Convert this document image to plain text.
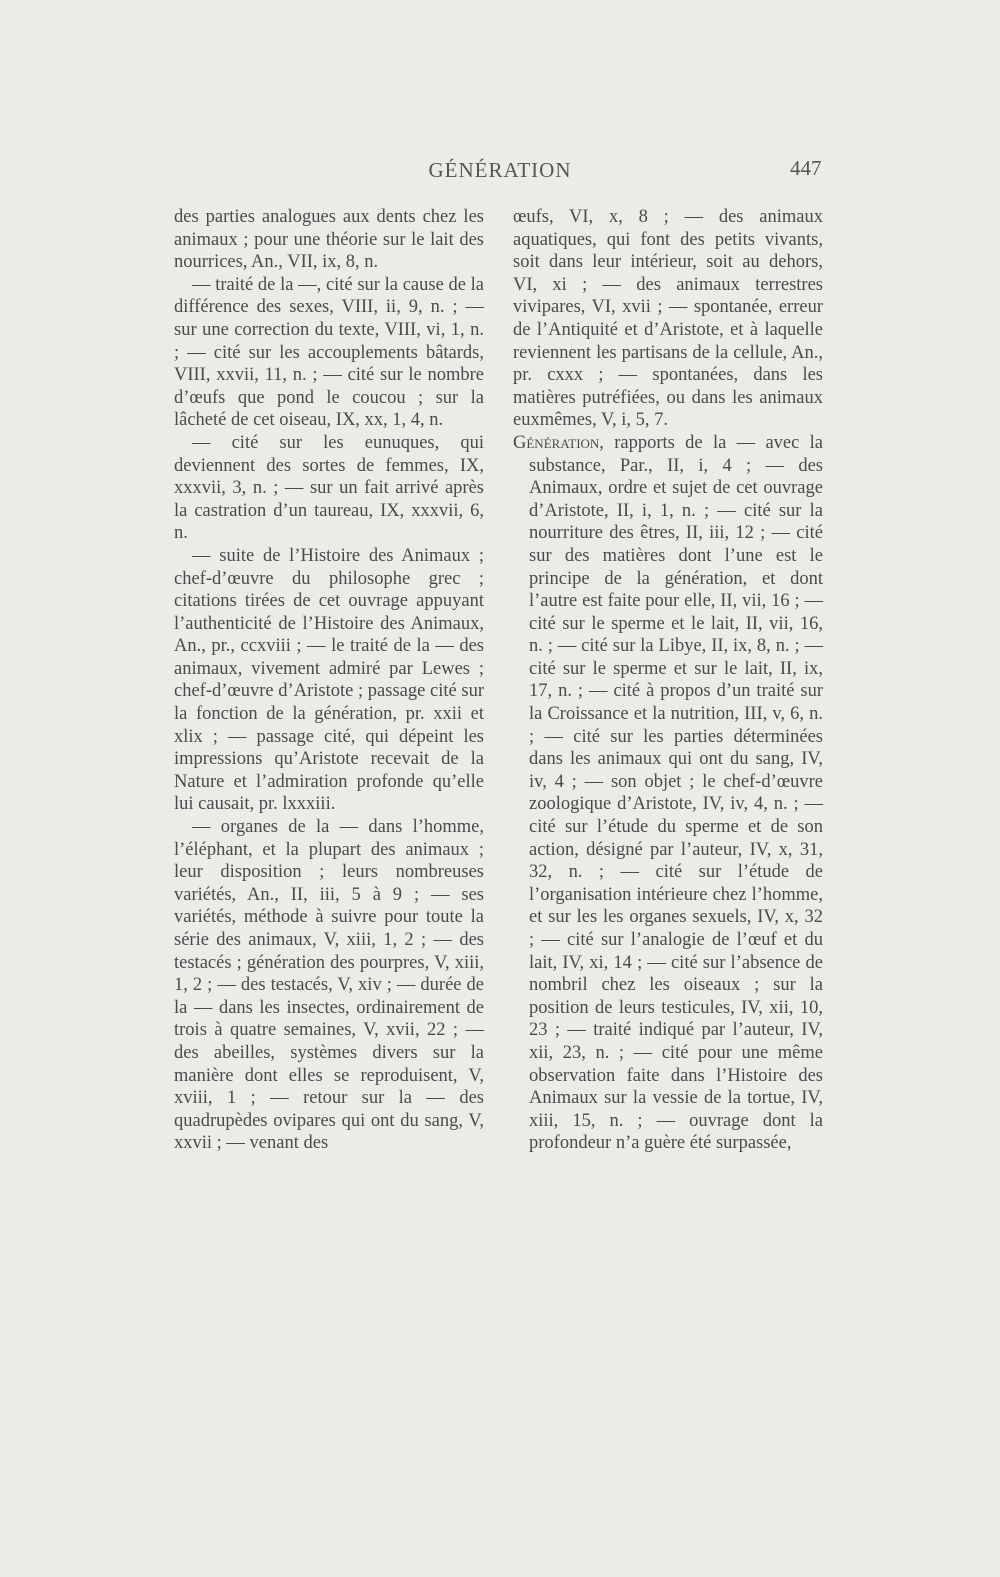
GÉNÉRATION	447

des parties analogues aux dents chez les animaux ; pour une théorie sur le lait des nourrices, An., VII, ix, 8, n.

— traité de la —, cité sur la cause de la différence des sexes, VIII, ii, 9, n. ; — sur une correction du texte, VIII, vi, 1, n. ; — cité sur les accouplements bâtards, VIII, xxvii, 11, n. ; — cité sur le nombre d’œufs que pond le coucou ; sur la lâcheté de cet oiseau, IX, xx, 1, 4, n.

— cité sur les eunuques, qui deviennent des sortes de femmes, IX, xxxvii, 3, n. ; — sur un fait arrivé après la castration d’un taureau, IX, xxxvii, 6, n.

— suite de l’Histoire des Animaux ; chef-d’œuvre du philosophe grec ; citations tirées de cet ouvrage appuyant l’authenticité de l’Histoire des Animaux, An., pr., ccxviii ; — le traité de la — des animaux, vivement admiré par Lewes ; chef-d’œuvre d’Aristote ; passage cité sur la fonction de la génération, pr. xxii et xlix ; — passage cité, qui dépeint les impressions qu’Aristote recevait de la Nature et l’admiration profonde qu’elle lui causait, pr. lxxxiii.

— organes de la — dans l’homme, l’éléphant, et la plupart des animaux ; leur disposition ; leurs nombreuses variétés, An., II, iii, 5 à 9 ; — ses variétés, méthode à suivre pour toute la série des animaux, V, xiii, 1, 2 ; — des testacés ; génération des pourpres, V, xiii, 1, 2 ; — des testacés, V, xiv ; — durée de la — dans les insectes, ordinairement de trois à quatre semaines, V, xvii, 22 ; — des abeilles, systèmes divers sur la manière dont elles se reproduisent, V, xviii, 1 ; — retour sur la — des quadrupèdes ovipares qui ont du sang, V, xxvii ; — venant des

œufs, VI, x, 8 ; — des animaux aquatiques, qui font des petits vivants, soit dans leur intérieur, soit au dehors, VI, xi ; — des animaux terrestres vivipares, VI, xvii ; — spontanée, erreur de l’Antiquité et d’Aristote, et à laquelle reviennent les partisans de la cellule, An., pr. cxxx ; — spontanées, dans les matières putréfiées, ou dans les animaux euxmêmes, V, i, 5, 7.

Génération, rapports de la — avec la substance, Par., II, i, 4 ; — des Animaux, ordre et sujet de cet ouvrage d’Aristote, II, i, 1, n. ; — cité sur la nourriture des êtres, II, iii, 12 ; — cité sur des matières dont l’une est le principe de la génération, et dont l’autre est faite pour elle, II, vii, 16 ; — cité sur le sperme et le lait, II, vii, 16, n. ; — cité sur la Libye, II, ix, 8, n. ; — cité sur le sperme et sur le lait, II, ix, 17, n. ; — cité à propos d’un traité sur la Croissance et la nutrition, III, v, 6, n. ; — cité sur les parties déterminées dans les animaux qui ont du sang, IV, iv, 4 ; — son objet ; le chef-d’œuvre zoologique d’Aristote, IV, iv, 4, n. ; — cité sur l’étude du sperme et de son action, désigné par l’auteur, IV, x, 31, 32, n. ; — cité sur l’étude de l’organisation intérieure chez l’homme, et sur les les organes sexuels, IV, x, 32 ; — cité sur l’analogie de l’œuf et du lait, IV, xi, 14 ; — cité sur l’absence de nombril chez les oiseaux ; sur la position de leurs testicules, IV, xii, 10, 23 ; — traité indiqué par l’auteur, IV, xii, 23, n. ; — cité pour une même observation faite dans l’Histoire des Animaux sur la vessie de la tortue, IV, xiii, 15, n. ; — ouvrage dont la profondeur n’a guère été surpassée,
